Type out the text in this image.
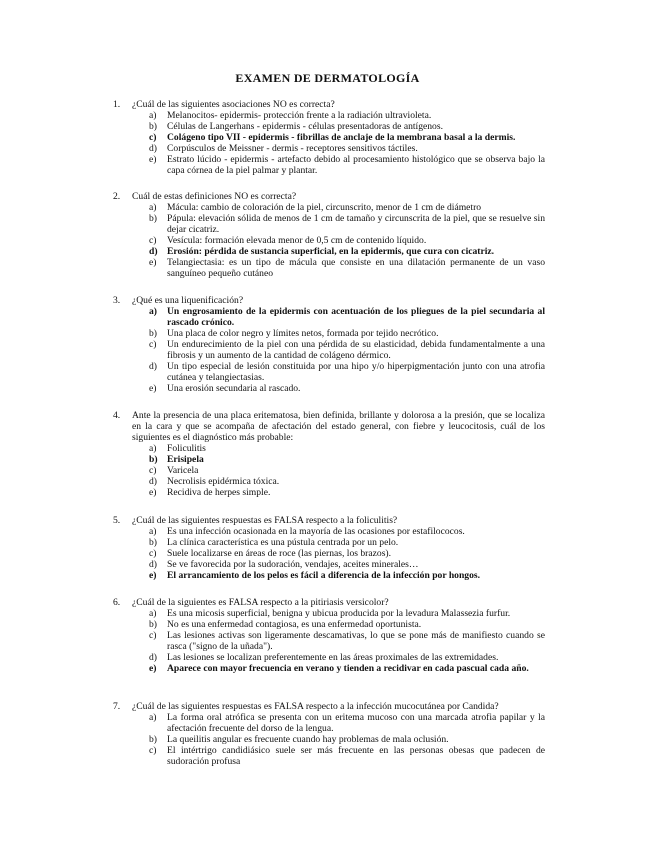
EXAMEN DE DERMATOLOGÍA
1.	¿Cuál de las siguientes asociaciones NO es correcta?
a)	Melanocitos- epidermis- protección frente a la radiación ultravioleta.
b)	Células de Langerhans - epidermis - células presentadoras de antígenos.
c)	Colágeno tipo VII - epidermis - fibrillas de anclaje de la membrana basal a la dermis.
d)	Corpúsculos de Meissner - dermis - receptores sensitivos táctiles.
e)	Estrato lúcido - epidermis - artefacto debido al procesamiento histológico que se observa bajo la capa córnea de la piel palmar y plantar.
2.	Cuál de estas definiciones NO es correcta?
a)	Mácula: cambio de coloración de la piel, circunscrito, menor de 1 cm de diámetro
b)	Pápula: elevación sólida de menos de 1 cm de tamaño y circunscrita de la piel, que se resuelve sin dejar cicatriz.
c)	Vesícula: formación elevada menor de 0,5 cm de contenido líquido.
d) Erosión: pérdida de sustancia superficial, en la epidermis, que cura con cicatriz.
e)	Telangiectasia: es un tipo de mácula que consiste en una dilatación permanente de un vaso sanguíneo pequeño cutáneo
3.	¿Qué es una liquenificación?
a)	Un engrosamiento de la epidermis con acentuación de los pliegues de la piel secundaria al rascado crónico.
b)	Una placa de color negro y límites netos, formada por tejido necrótico.
c)	Un endurecimiento de la piel con una pérdida de su elasticidad, debida fundamentalmente a una fibrosis y un aumento de la cantidad de colágeno dérmico.
d)	Un tipo especial de lesión constituida por una hipo y/o hiperpigmentación junto con una atrofia cutánea y telangiectasias.
e)	Una erosión secundaria al rascado.
4.	Ante la presencia de una placa eritematosa, bien definida, brillante y dolorosa a la presión, que se localiza en la cara y que se acompaña de afectación del estado general, con fiebre y leucocitosis, cuál de los siguientes es el diagnóstico más probable:
a)	Foliculitis
b) Erisipela
c)	Varicela
d)	Necrolisis epidérmica tóxica.
e)	Recidiva de herpes simple.
5.	¿Cuál de las siguientes respuestas es FALSA respecto a la foliculitis?
a)	Es una infección ocasionada en la mayoría de las ocasiones por estafilococos.
b)	La clínica característica es una pústula centrada por un pelo.
c)	Suele localizarse en áreas de roce (las piernas, los brazos).
d)	Se ve favorecida por la sudoración, vendajes, aceites minerales…
e)	El arrancamiento de los pelos es fácil a diferencia de la infección por hongos.
6.	¿Cuál de la siguientes es FALSA respecto a la pitiriasis versicolor?
a)	Es una micosis superficial, benigna y ubicua producida por la levadura Malassezia furfur.
b)	No es una enfermedad contagiosa, es una enfermedad oportunista.
c)	Las lesiones activas son ligeramente descamativas, lo que se pone más de manifiesto cuando se rasca ("signo de la uñada").
d)	Las lesiones se localizan preferentemente en las áreas proximales de las extremidades.
e)	Aparece con mayor frecuencia en verano y tienden a recidivar en cada pascual cada año.
7.	¿Cuál de las siguientes respuestas es FALSA respecto a la infección mucocutánea por Candida?
a)	La forma oral atrófica se presenta con un eritema mucoso con una marcada atrofia papilar y la afectación frecuente del dorso de la lengua.
b)	La queilitis angular es frecuente cuando hay problemas de mala oclusión.
c)	El intértrigo candidiásico suele ser más frecuente en las personas obesas que padecen de sudoración profusa
